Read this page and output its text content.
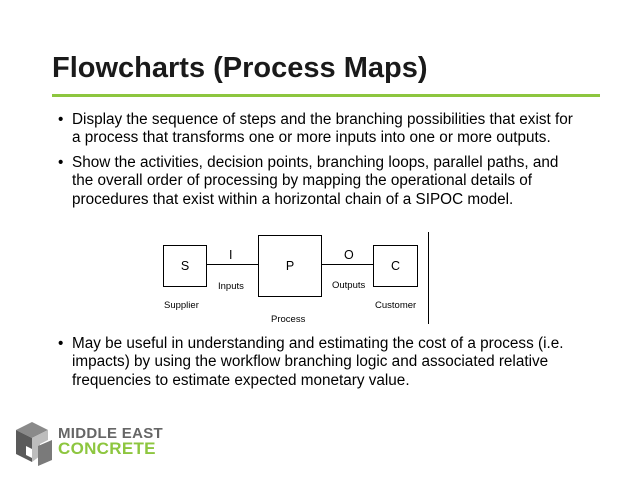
Flowcharts (Process Maps)
• Display the sequence of steps and the branching possibilities that exist for
a process that transforms one or more inputs into one or more outputs.
• Show the activities, decision points, branching loops, parallel paths, and
the overall order of processing by mapping the operational details of
procedures that exist within a horizontal chain of a SIPOC model.
S	P	C
I	O
Inputs	Outputs
Supplier
Process
Customer
• May be useful in understanding and estimating the cost of a process (i.e.
impacts) by using the workflow branching logic and associated relative
frequencies to estimate expected monetary value.
MIDDLE EAST
CONCRETE
